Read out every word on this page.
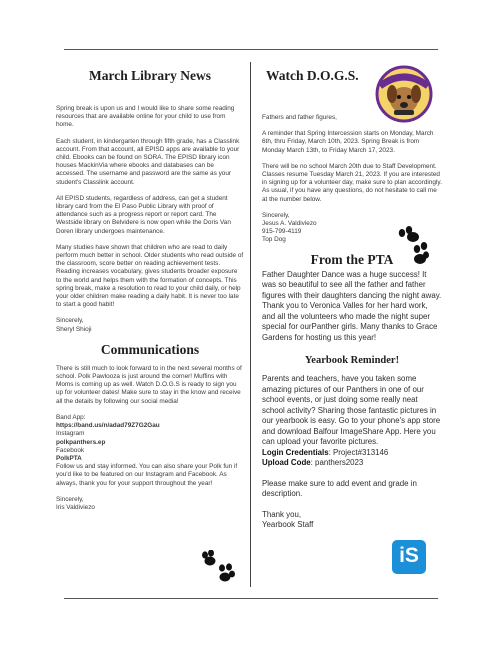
March Library News

Spring break is upon us and I would like to share some reading resources that are available online for your child to use from home.

Each student, in kindergarten through fifth grade, has a Classlink account. From that account, all EPISD apps are available to your child. Ebooks can be found on SORA. The EPISD library icon houses MackinVia where ebooks and databases can be accessed. The username and password are the same as your student's Classlink account.

All EPISD students, regardless of address, can get a student library card from the El Paso Public Library with proof of attendance such as a progress report or report card. The Westside library on Belvidere is now open while the Doris Van Doren library undergoes maintenance.

Many studies have shown that children who are read to daily perform much better in school. Older students who read outside of the classroom, score better on reading achievement tests. Reading increases vocabulary, gives students broader exposure to the world and helps them with the formation of concepts. This spring break, make a resolution to read to your child daily, or help your older children make reading a daily habit. It is never too late to start a good habit!

Sincerely,

Sheryl Shioji

Communications

There is still much to look forward to in the next several months of school. Polk Pawlooza is just around the corner! Muffins with Moms is coming up as well. Watch D.O.G.S is ready to sign you up for volunteer dates! Make sure to stay in the know and receive all the details by following our social media!

Band App:

https://band.us/n/adad79Z7G2Gau

Instagram

polkpanthers.ep

Facebook

PolkPTA

Follow us and stay informed. You can also share your Polk fun if you'd like to be featured on our Instagram and Facebook. As always, thank you for your support throughout the year!

Sincerely,

Iris Valdiviezo

Watch D.O.G.S.

Fathers and father figures,

A reminder that Spring Intercession starts on Monday, March 6th, thru Friday, March 10th, 2023. Spring Break is from Monday March 13th, to Friday March 17, 2023.

There will be no school March 20th due to Staff Development. Classes resume Tuesday March 21, 2023. If you are interested in signing up for a volunteer day, make sure to plan accordingly. As usual, if you have any questions, do not hesitate to call me at the number below.

Sincerely,

Jesus A. Valdiviezo

915-799-4119

Top Dog

From the PTA

Father Daughter Dance was a huge success! It was so beautiful to see all the father and father figures with their daughters dancing the night away. Thank you to Veronica Valles for her hard work, and all the volunteers who made the night super special for ourPanther girls. Many thanks to Grace Gardens for hosting us this year!

Yearbook Reminder!

Parents and teachers, have you taken some amazing pictures of our Panthers in one of our school events, or just doing some really neat school activity? Sharing those fantastic pictures in our yearbook is easy. Go to your phone's app store and download Balfour ImageShare App. Here you can upload your favorite pictures.

Login Credentials: Project#313146

Upload Code: panthers2023

Please make sure to add event and grade in description.

Thank you,

Yearbook Staff

iS
